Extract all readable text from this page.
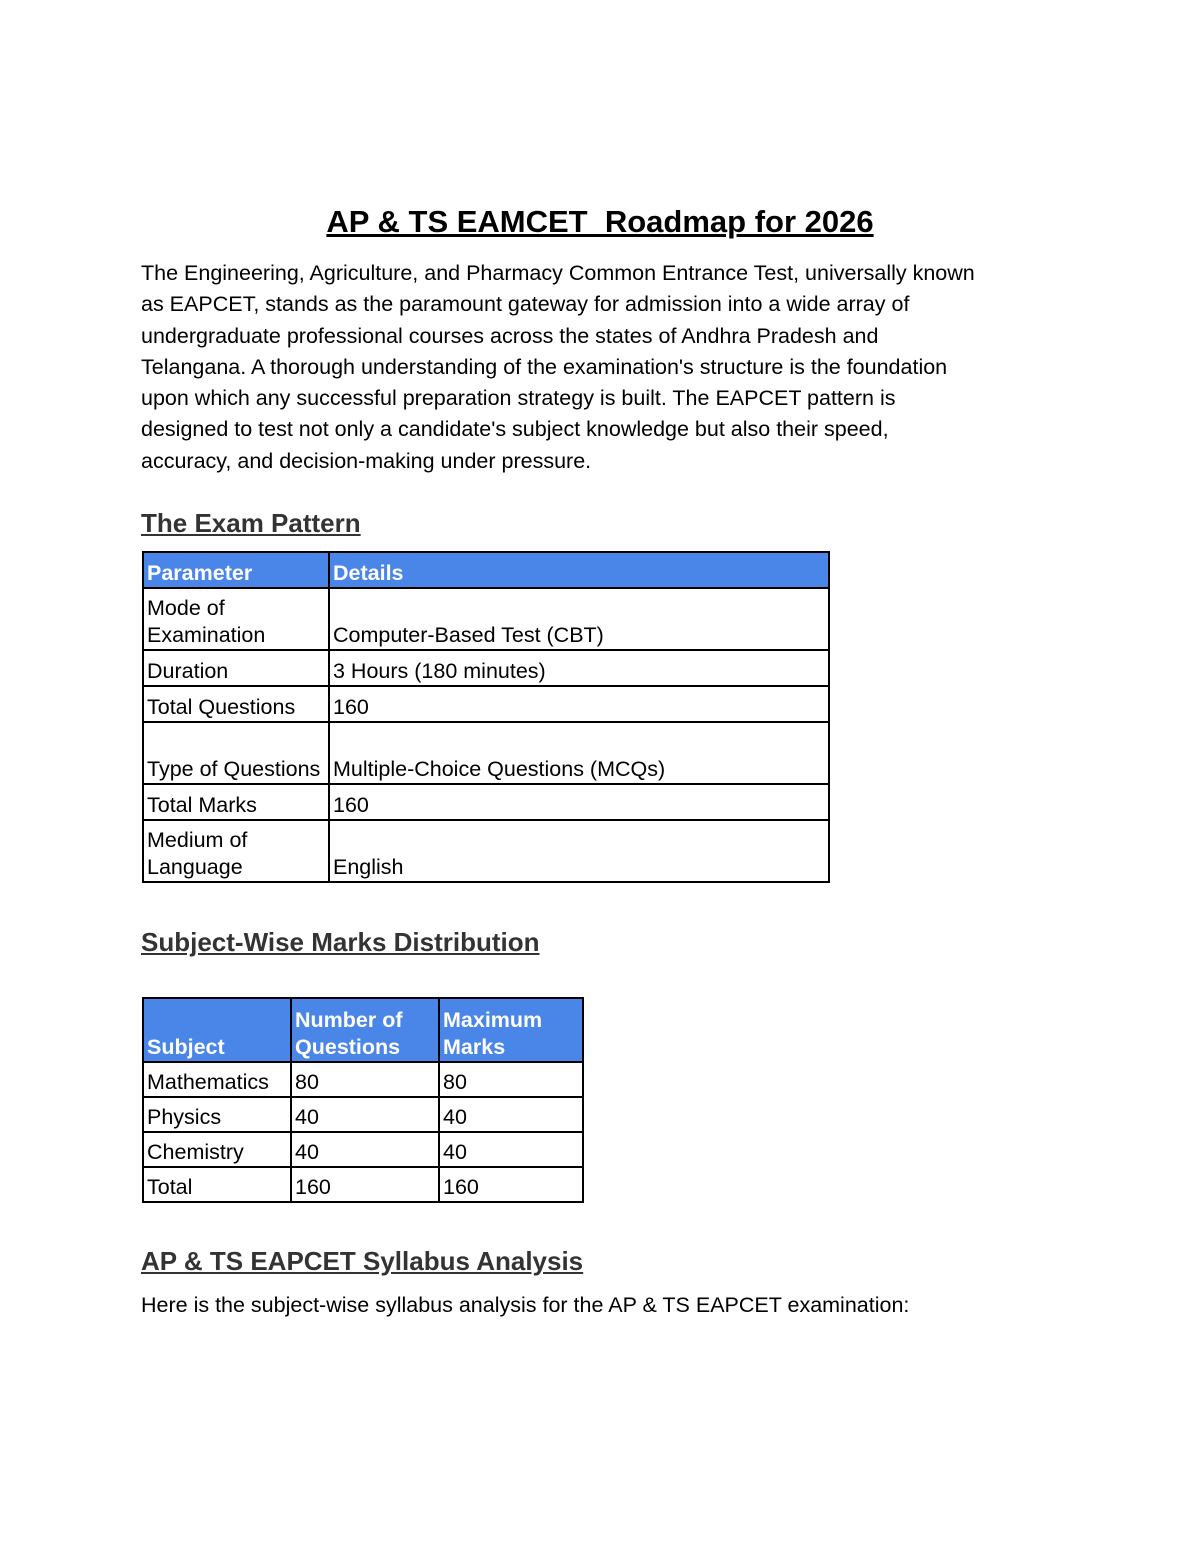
AP & TS EAMCET  Roadmap for 2026
The Engineering, Agriculture, and Pharmacy Common Entrance Test, universally known
as EAPCET, stands as the paramount gateway for admission into a wide array of
undergraduate professional courses across the states of Andhra Pradesh and
Telangana. A thorough understanding of the examination's structure is the foundation
upon which any successful preparation strategy is built. The EAPCET pattern is
designed to test not only a candidate's subject knowledge but also their speed,
accuracy, and decision-making under pressure.
The Exam Pattern
Parameter	Details
Mode of Examination	Computer-Based Test (CBT)
Duration	3 Hours (180 minutes)
Total Questions	160
Type of Questions	Multiple-Choice Questions (MCQs)
Total Marks	160
Medium of Language	English
Subject-Wise Marks Distribution
Subject	Number of Questions	Maximum Marks
Mathematics	80	80
Physics	40	40
Chemistry	40	40
Total	160	160
AP & TS EAPCET Syllabus Analysis

Here is the subject-wise syllabus analysis for the AP & TS EAPCET examination:
